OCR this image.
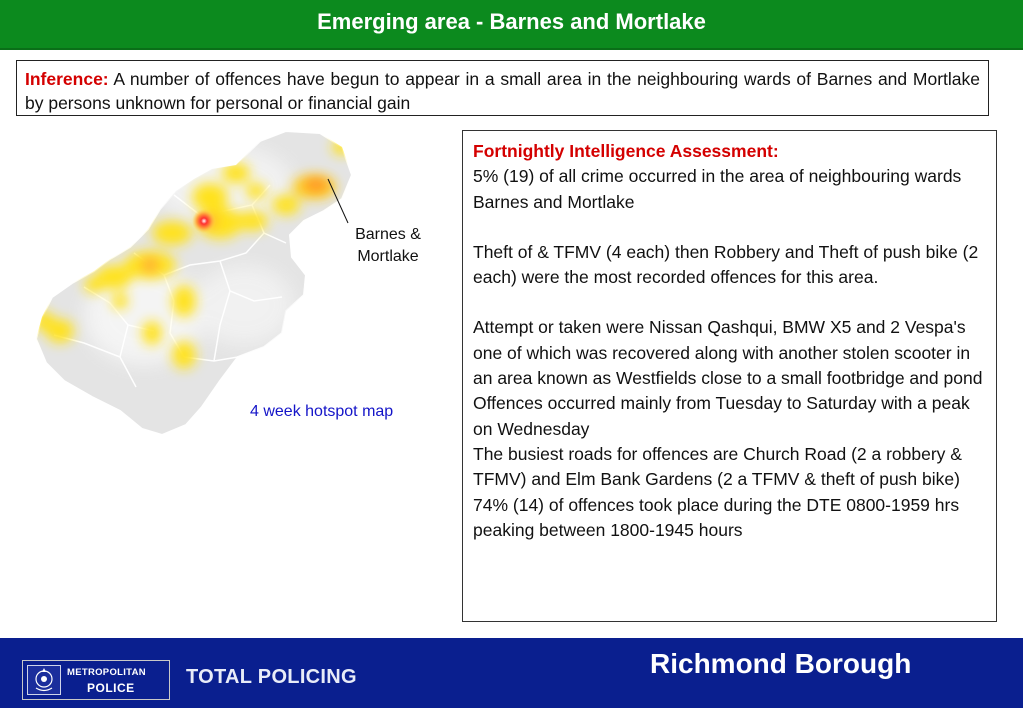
Emerging area - Barnes and Mortlake
Inference: A number of offences have begun to appear in a small area in the neighbouring wards of Barnes and Mortlake by persons unknown for personal or financial gain
Barnes &
Mortlake
4 week hotspot map

Fortnightly Intelligence Assessment:

5% (19) of all crime occurred in the area of neighbouring wards Barnes and Mortlake

Theft of & TFMV (4 each) then Robbery and Theft of push bike (2 each) were the most recorded offences for this area.

Attempt or taken were Nissan Qashqui, BMW X5 and 2 Vespa's one of which was recovered along with another stolen scooter in an area known as Westfields close to a small footbridge and pond

Offences occurred mainly from Tuesday to Saturday with a peak on Wednesday

The busiest roads for offences are Church Road (2 a robbery & TFMV) and Elm Bank Gardens (2 a TFMV & theft of push bike)

74% (14) of offences took place during the DTE 0800-1959 hrs peaking between 1800-1945 hours

METROPOLITAN
POLICE	TOTAL POLICING	Richmond Borough
